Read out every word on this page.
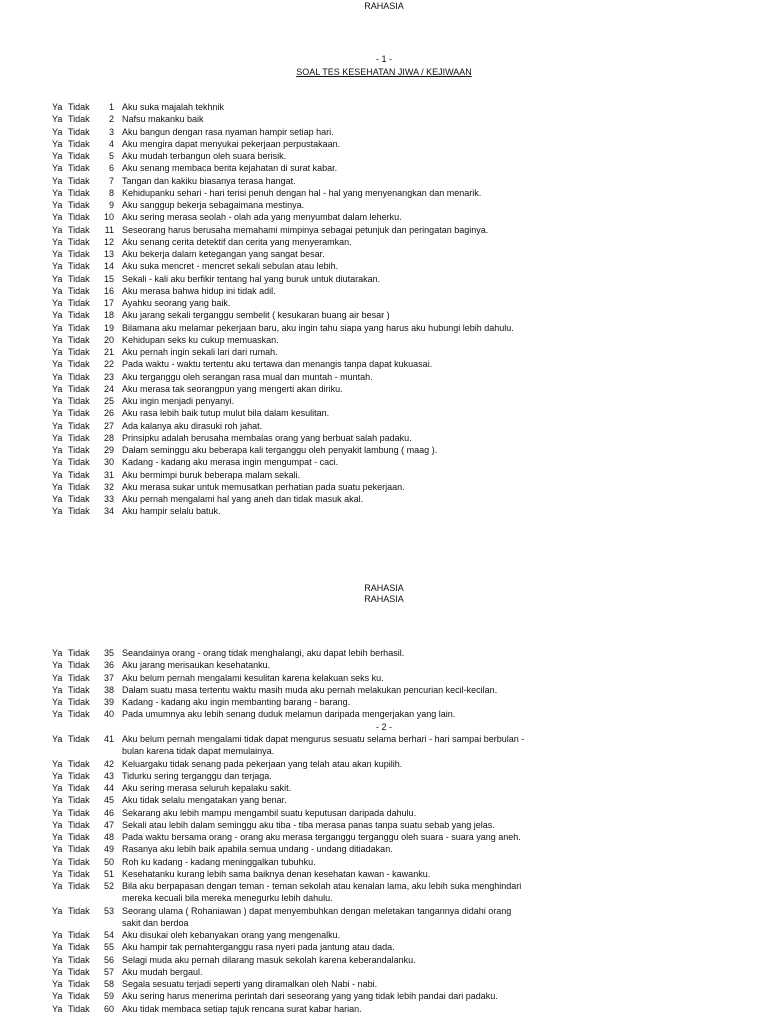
RAHASIA
- 1 -
SOAL TES KESEHATAN JIWA / KEJIWAAN
RAHASIA
RAHASIA
- 2 -
Ya Tidak	1 Aku suka majalah tekhnik
Ya Tidak	2 Nafsu makanku baik
Ya Tidak	3 Aku bangun dengan rasa nyaman hampir setiap hari.
Ya Tidak	4 Aku mengira dapat menyukai pekerjaan perpustakaan.
Ya Tidak	5 Aku mudah terbangun oleh suara berisik.
Ya Tidak	6 Aku senang membaca berita kejahatan di surat kabar.
Ya Tidak	7 Tangan dan kakiku biasanya terasa hangat.
Ya Tidak	8 Kehidupanku sehari - hari terisi penuh dengan hal - hal yang menyenangkan dan menarik.
Ya Tidak	9 Aku sanggup bekerja sebagaimana mestinya.
Ya Tidak	10 Aku sering merasa seolah - olah ada yang menyumbat dalam leherku.
Ya Tidak	11 Seseorang harus berusaha memahami mimpinya sebagai petunjuk dan peringatan baginya.
Ya Tidak	12 Aku senang cerita detektif dan cerita yang menyeramkan.
Ya Tidak	13 Aku bekerja dalam ketegangan yang sangat besar.
Ya Tidak	14 Aku suka mencret - mencret sekali sebulan atau lebih.
Ya Tidak	15 Sekali - kali aku berfikir tentang hal yang buruk untuk diutarakan.
Ya Tidak	16 Aku merasa bahwa hidup ini tidak adil.
Ya Tidak	17 Ayahku seorang yang baik.
Ya Tidak	18 Aku jarang sekali terganggu sembelit ( kesukaran buang air besar )
Ya Tidak	19 Bilamana aku melamar pekerjaan baru, aku ingin tahu siapa yang harus aku hubungi lebih dahulu.
Ya Tidak	20 Kehidupan seks ku cukup memuaskan.
Ya Tidak	21 Aku pernah ingin sekali lari dari rumah.
Ya Tidak	22 Pada waktu - waktu tertentu aku tertawa dan menangis tanpa dapat kukuasai.
Ya Tidak	23 Aku terganggu oleh serangan rasa mual dan muntah - muntah.
Ya Tidak	24 Aku merasa tak seorangpun yang mengerti akan diriku.
Ya Tidak	25 Aku ingin menjadi penyanyi.
Ya Tidak	26 Aku rasa lebih baik tutup mulut bila dalam kesulitan.
Ya Tidak	27 Ada kalanya aku dirasuki roh jahat.
Ya Tidak	28 Prinsipku adalah berusaha membalas orang yang berbuat salah padaku.
Ya Tidak	29 Dalam seminggu aku beberapa kali terganggu oleh penyakit lambung ( maag ).
Ya Tidak	30 Kadang - kadang aku merasa ingin mengumpat - caci.
Ya Tidak	31 Aku bermimpi buruk beberapa malam sekali.
Ya Tidak	32 Aku merasa sukar untuk memusatkan perhatian pada suatu pekerjaan.
Ya Tidak	33 Aku pernah mengalami hal yang aneh dan tidak masuk akal.
Ya Tidak	34 Aku hampir selalu batuk.
Ya Tidak	35 Seandainya orang - orang tidak menghalangi, aku dapat lebih berhasil.
Ya Tidak	36 Aku jarang merisaukan kesehatanku.
Ya Tidak	37 Aku belum pernah mengalami kesulitan karena kelakuan seks ku.
Ya Tidak	38 Dalam suatu masa tertentu waktu masih muda aku pernah melakukan pencurian kecil-kecilan.
Ya Tidak	39 Kadang - kadang aku ingin membanting barang - barang.
Ya Tidak	40 Pada umumnya aku lebih senang duduk melamun daripada mengerjakan yang lain.
Ya Tidak	41 Aku belum pernah mengalami tidak dapat mengurus sesuatu selama berhari - hari sampai berbulan - bulan karena tidak dapat memulainya.
Ya Tidak	42 Keluargaku tidak senang pada pekerjaan yang telah atau akan kupilih.
Ya Tidak	43 Tidurku sering terganggu dan terjaga.
Ya Tidak	44 Aku sering merasa seluruh kepalaku sakit.
Ya Tidak	45 Aku tidak selalu mengatakan yang benar.
Ya Tidak	46 Sekarang aku lebih mampu mengambil suatu keputusan daripada dahulu.
Ya Tidak	47 Sekali atau lebih dalam seminggu aku tiba - tiba merasa panas tanpa suatu sebab yang jelas.
Ya Tidak	48 Pada waktu bersama orang - orang aku merasa terganggu terganggu oleh suara - suara yang aneh.
Ya Tidak	49 Rasanya aku lebih baik apabila semua undang - undang ditiadakan.
Ya Tidak	50 Roh ku kadang - kadang meninggalkan tubuhku.
Ya Tidak	51 Kesehatanku kurang lebih sama baiknya denan kesehatan kawan - kawanku.
Ya Tidak	52 Bila aku berpapasan dengan teman - teman sekolah atau kenalan lama, aku lebih suka menghindari mereka kecuali bila mereka menegurku lebih dahulu.
Ya Tidak	53 Seorang ulama ( Rohaniawan ) dapat menyembuhkan dengan meletakan tangannya didahi orang sakit dan berdoa
Ya Tidak	54 Aku disukai oleh kebanyakan orang yang mengenalku.
Ya Tidak	55 Aku hampir tak pernahterganggu rasa nyeri pada jantung atau dada.
Ya Tidak	56 Selagi muda aku pernah dilarang masuk sekolah karena keberandalanku.
Ya Tidak	57 Aku mudah bergaul.
Ya Tidak	58 Segala sesuatu terjadi seperti yang diramalkan oleh Nabi - nabi.
Ya Tidak	59 Aku sering harus menerima perintah dari seseorang yang yang tidak lebih pandai dari padaku.
Ya Tidak	60 Aku tidak membaca setiap tajuk rencana surat kabar harian.
